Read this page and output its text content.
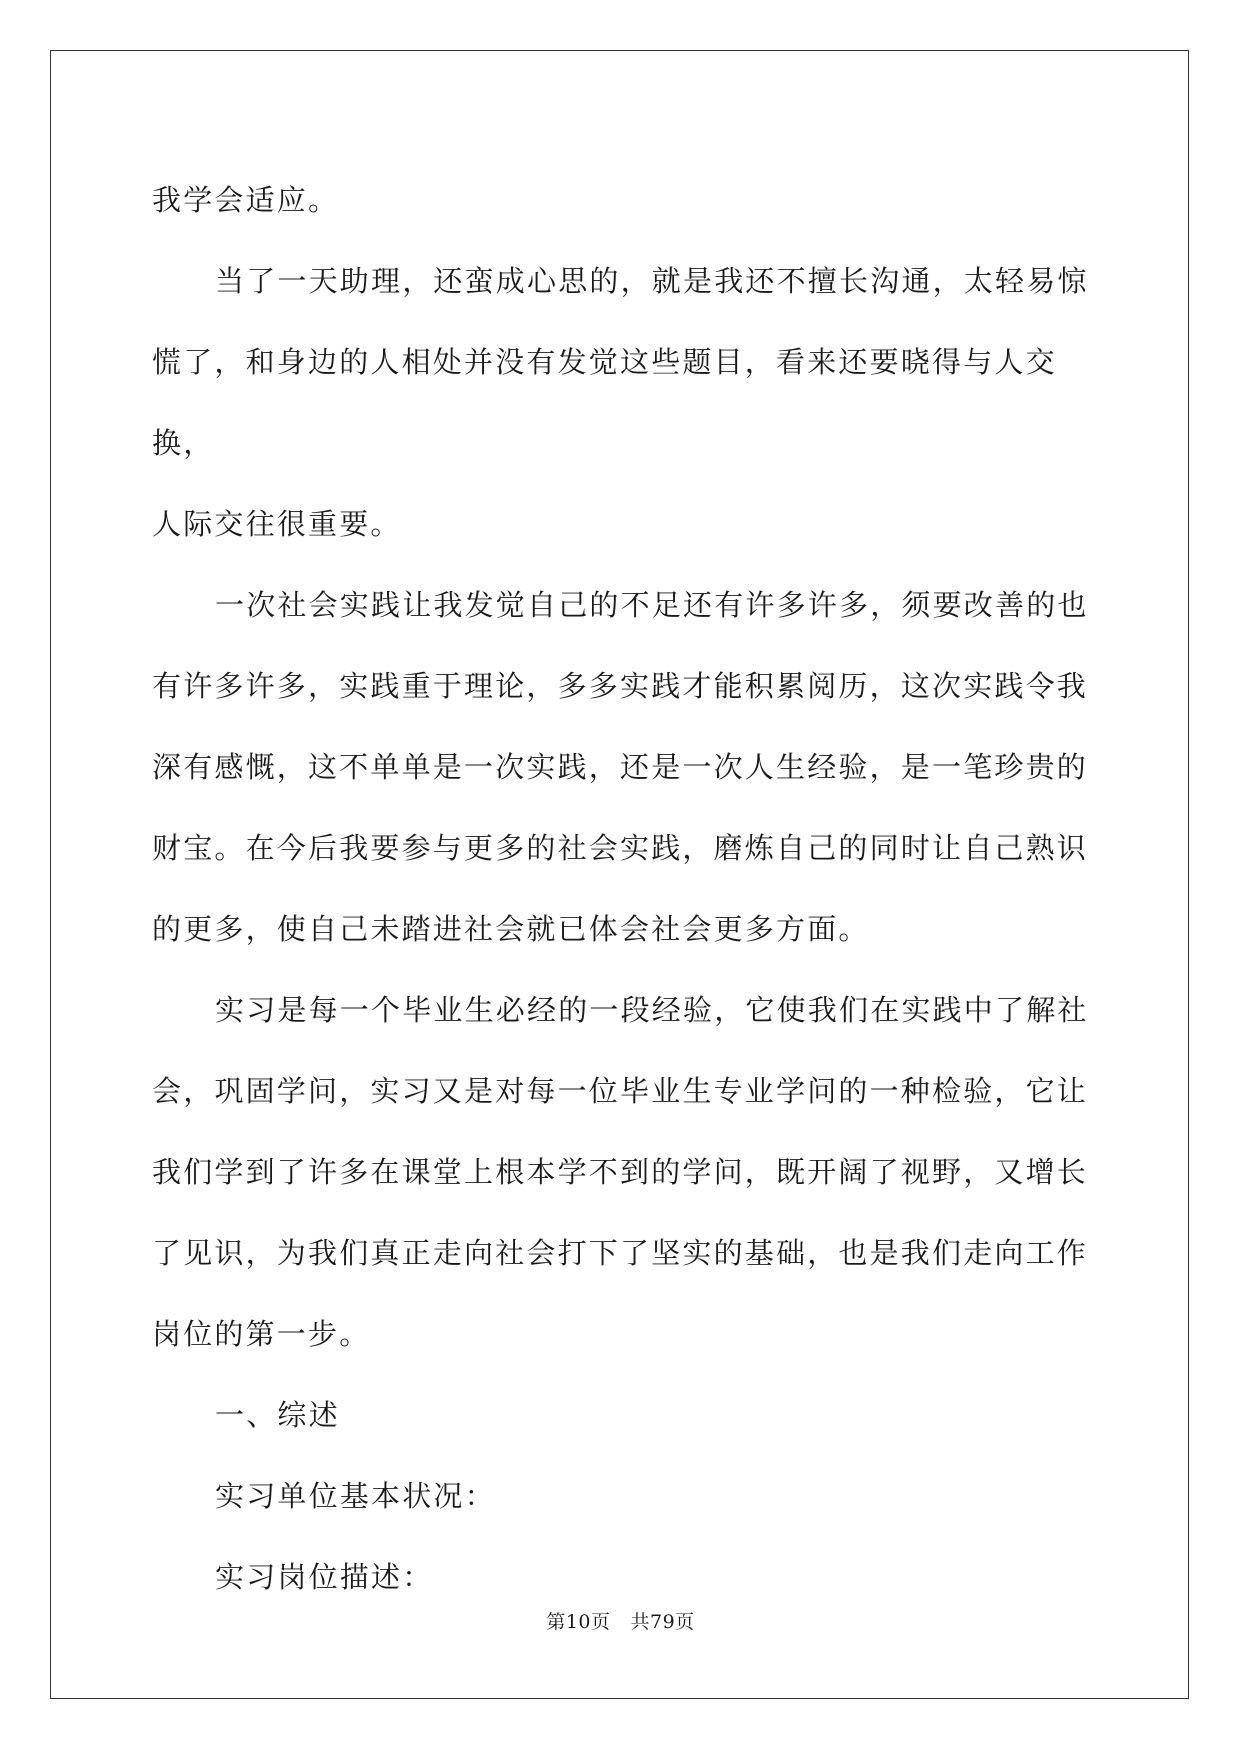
我学会适应。

当了一天助理，还蛮成心思的，就是我还不擅长沟通，太轻易惊
慌了，和身边的人相处并没有发觉这些题目，看来还要晓得与人交换，
人际交往很重要。

一次社会实践让我发觉自己的不足还有许多许多，须要改善的也
有许多许多，实践重于理论，多多实践才能积累阅历，这次实践令我
深有感慨，这不单单是一次实践，还是一次人生经验，是一笔珍贵的
财宝。在今后我要参与更多的社会实践，磨炼自己的同时让自己熟识
的更多，使自己未踏进社会就已体会社会更多方面。

实习是每一个毕业生必经的一段经验，它使我们在实践中了解社
会，巩固学问，实习又是对每一位毕业生专业学问的一种检验，它让
我们学到了许多在课堂上根本学不到的学问，既开阔了视野，又增长
了见识，为我们真正走向社会打下了坚实的基础，也是我们走向工作
岗位的第一步。

一、综述

实习单位基本状况：

实习岗位描述：

第10页 共79页
